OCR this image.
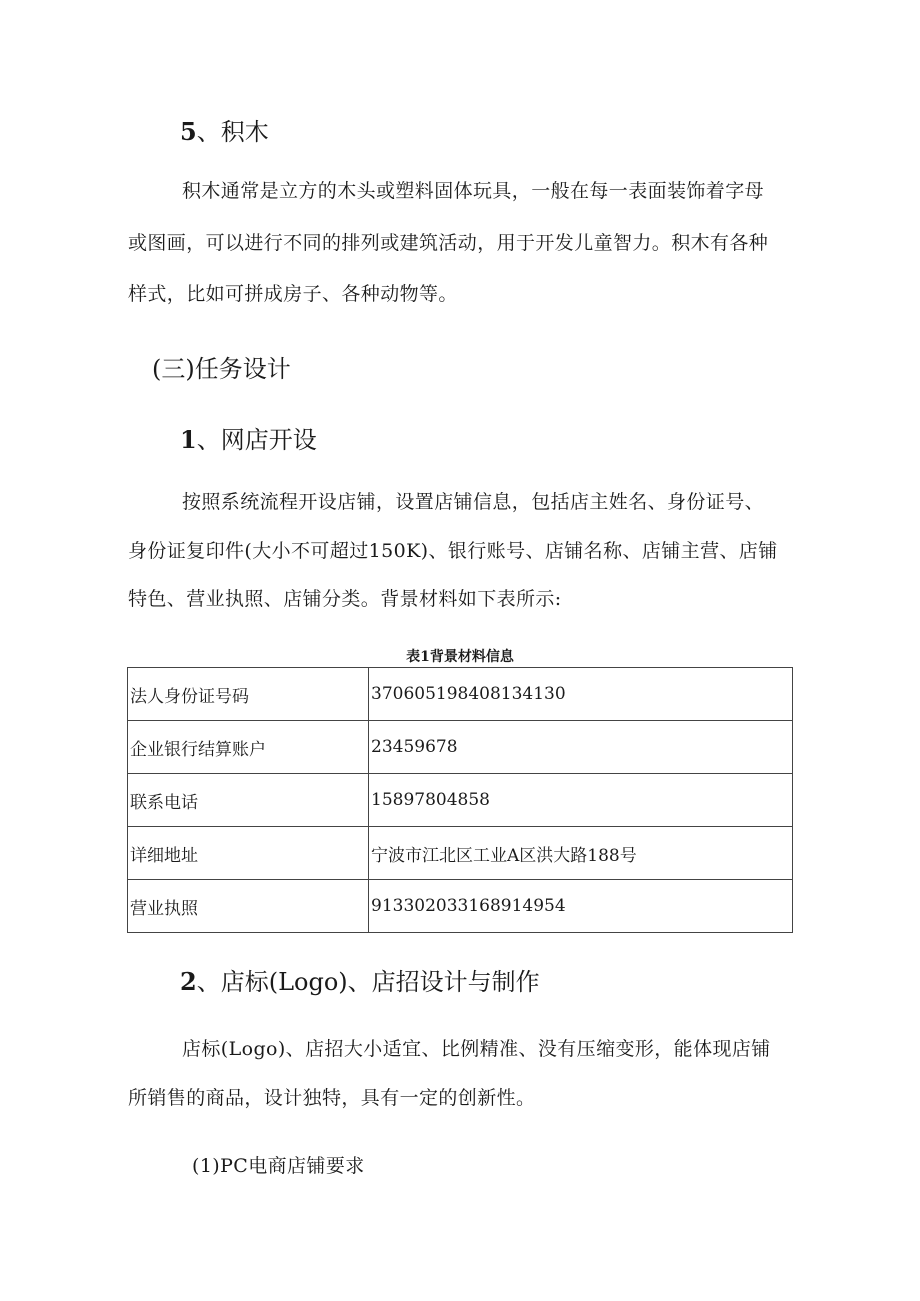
5、积木
积木通常是立方的木头或塑料固体玩具，一般在每一表面装饰着字母
或图画，可以进行不同的排列或建筑活动，用于开发儿童智力。积木有各种
样式，比如可拼成房子、各种动物等。
(三)任务设计
1、网店开设
按照系统流程开设店铺，设置店铺信息，包括店主姓名、身份证号、
身份证复印件(大小不可超过150K)、银行账号、店铺名称、店铺主营、店铺
特色、营业执照、店铺分类。背景材料如下表所示:
表1背景材料信息
法人身份证号码	370605198408134130
企业银行结算账户	23459678
联系电话	15897804858
详细地址	宁波市江北区工业A区洪大路188号
营业执照	913302033168914954
2、店标(Logo)、店招设计与制作
店标(Logo)、店招大小适宜、比例精准、没有压缩变形，能体现店铺
所销售的商品，设计独特，具有一定的创新性。
(1)PC电商店铺要求
